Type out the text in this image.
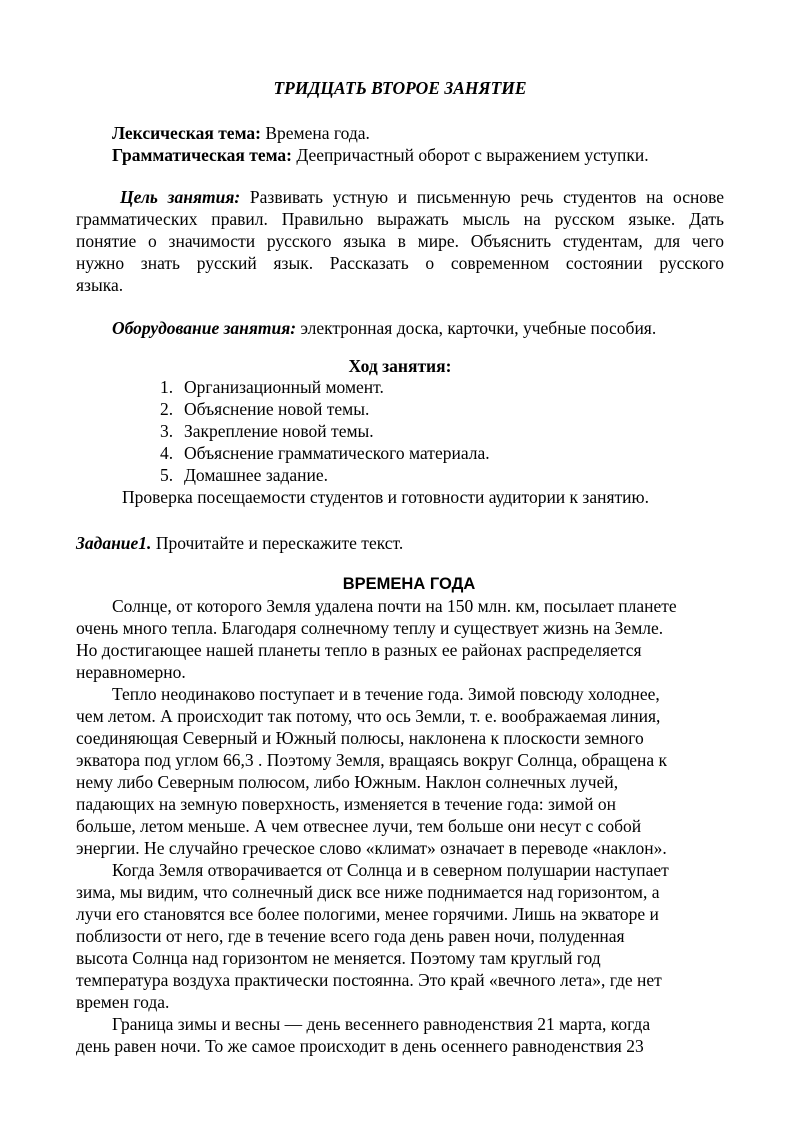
ТРИДЦАТЬ ВТОРОЕ ЗАНЯТИЕ
Лексическая тема: Времена года.
Грамматическая тема: Деепричастный оборот с выражением уступки.
Цель занятия: Развивать устную и письменную речь студентов на основе
грамматических правил. Правильно выражать мысль на русском языке. Дать
понятие о значимости русского языка в мире. Объяснить студентам, для чего
нужно знать русский язык. Рассказать о современном состоянии русского
языка.
Оборудование занятия: электронная доска, карточки, учебные пособия.
Ход занятия:
1. Организационный момент.
2. Объяснение новой темы.
3. Закрепление новой темы.
4. Объяснение грамматического материала.
5. Домашнее задание.
Проверка посещаемости студентов и готовности аудитории к занятию.
Задание1. Прочитайте и перескажите текст.
ВРЕМЕНА ГОДА
Солнце, от которого Земля удалена почти на 150 млн. км, посылает планете
очень много тепла. Благодаря солнечному теплу и существует жизнь на Земле.
Но достигающее нашей планеты тепло в разных ее районах распределяется
неравномерно.
Тепло неодинаково поступает и в течение года. Зимой повсюду холоднее,
чем летом. А происходит так потому, что ось Земли, т. е. воображаемая линия,
соединяющая Северный и Южный полюсы, наклонена к плоскости земного
экватора под углом 66,3 . Поэтому Земля, вращаясь вокруг Солнца, обращена к
нему либо Северным полюсом, либо Южным. Наклон солнечных лучей,
падающих на земную поверхность, изменяется в течение года: зимой он
больше, летом меньше. А чем отвеснее лучи, тем больше они несут с собой
энергии. Не случайно греческое слово «климат» означает в переводе «наклон».
Когда Земля отворачивается от Солнца и в северном полушарии наступает
зима, мы видим, что солнечный диск все ниже поднимается над горизонтом, а
лучи его становятся все более пологими, менее горячими. Лишь на экваторе и
поблизости от него, где в течение всего года день равен ночи, полуденная
высота Солнца над горизонтом не меняется. Поэтому там круглый год
температура воздуха практически постоянна. Это край «вечного лета», где нет
времен года.
Граница зимы и весны — день весеннего равноденствия 21 марта, когда
день равен ночи. То же самое происходит в день осеннего равноденствия 23
